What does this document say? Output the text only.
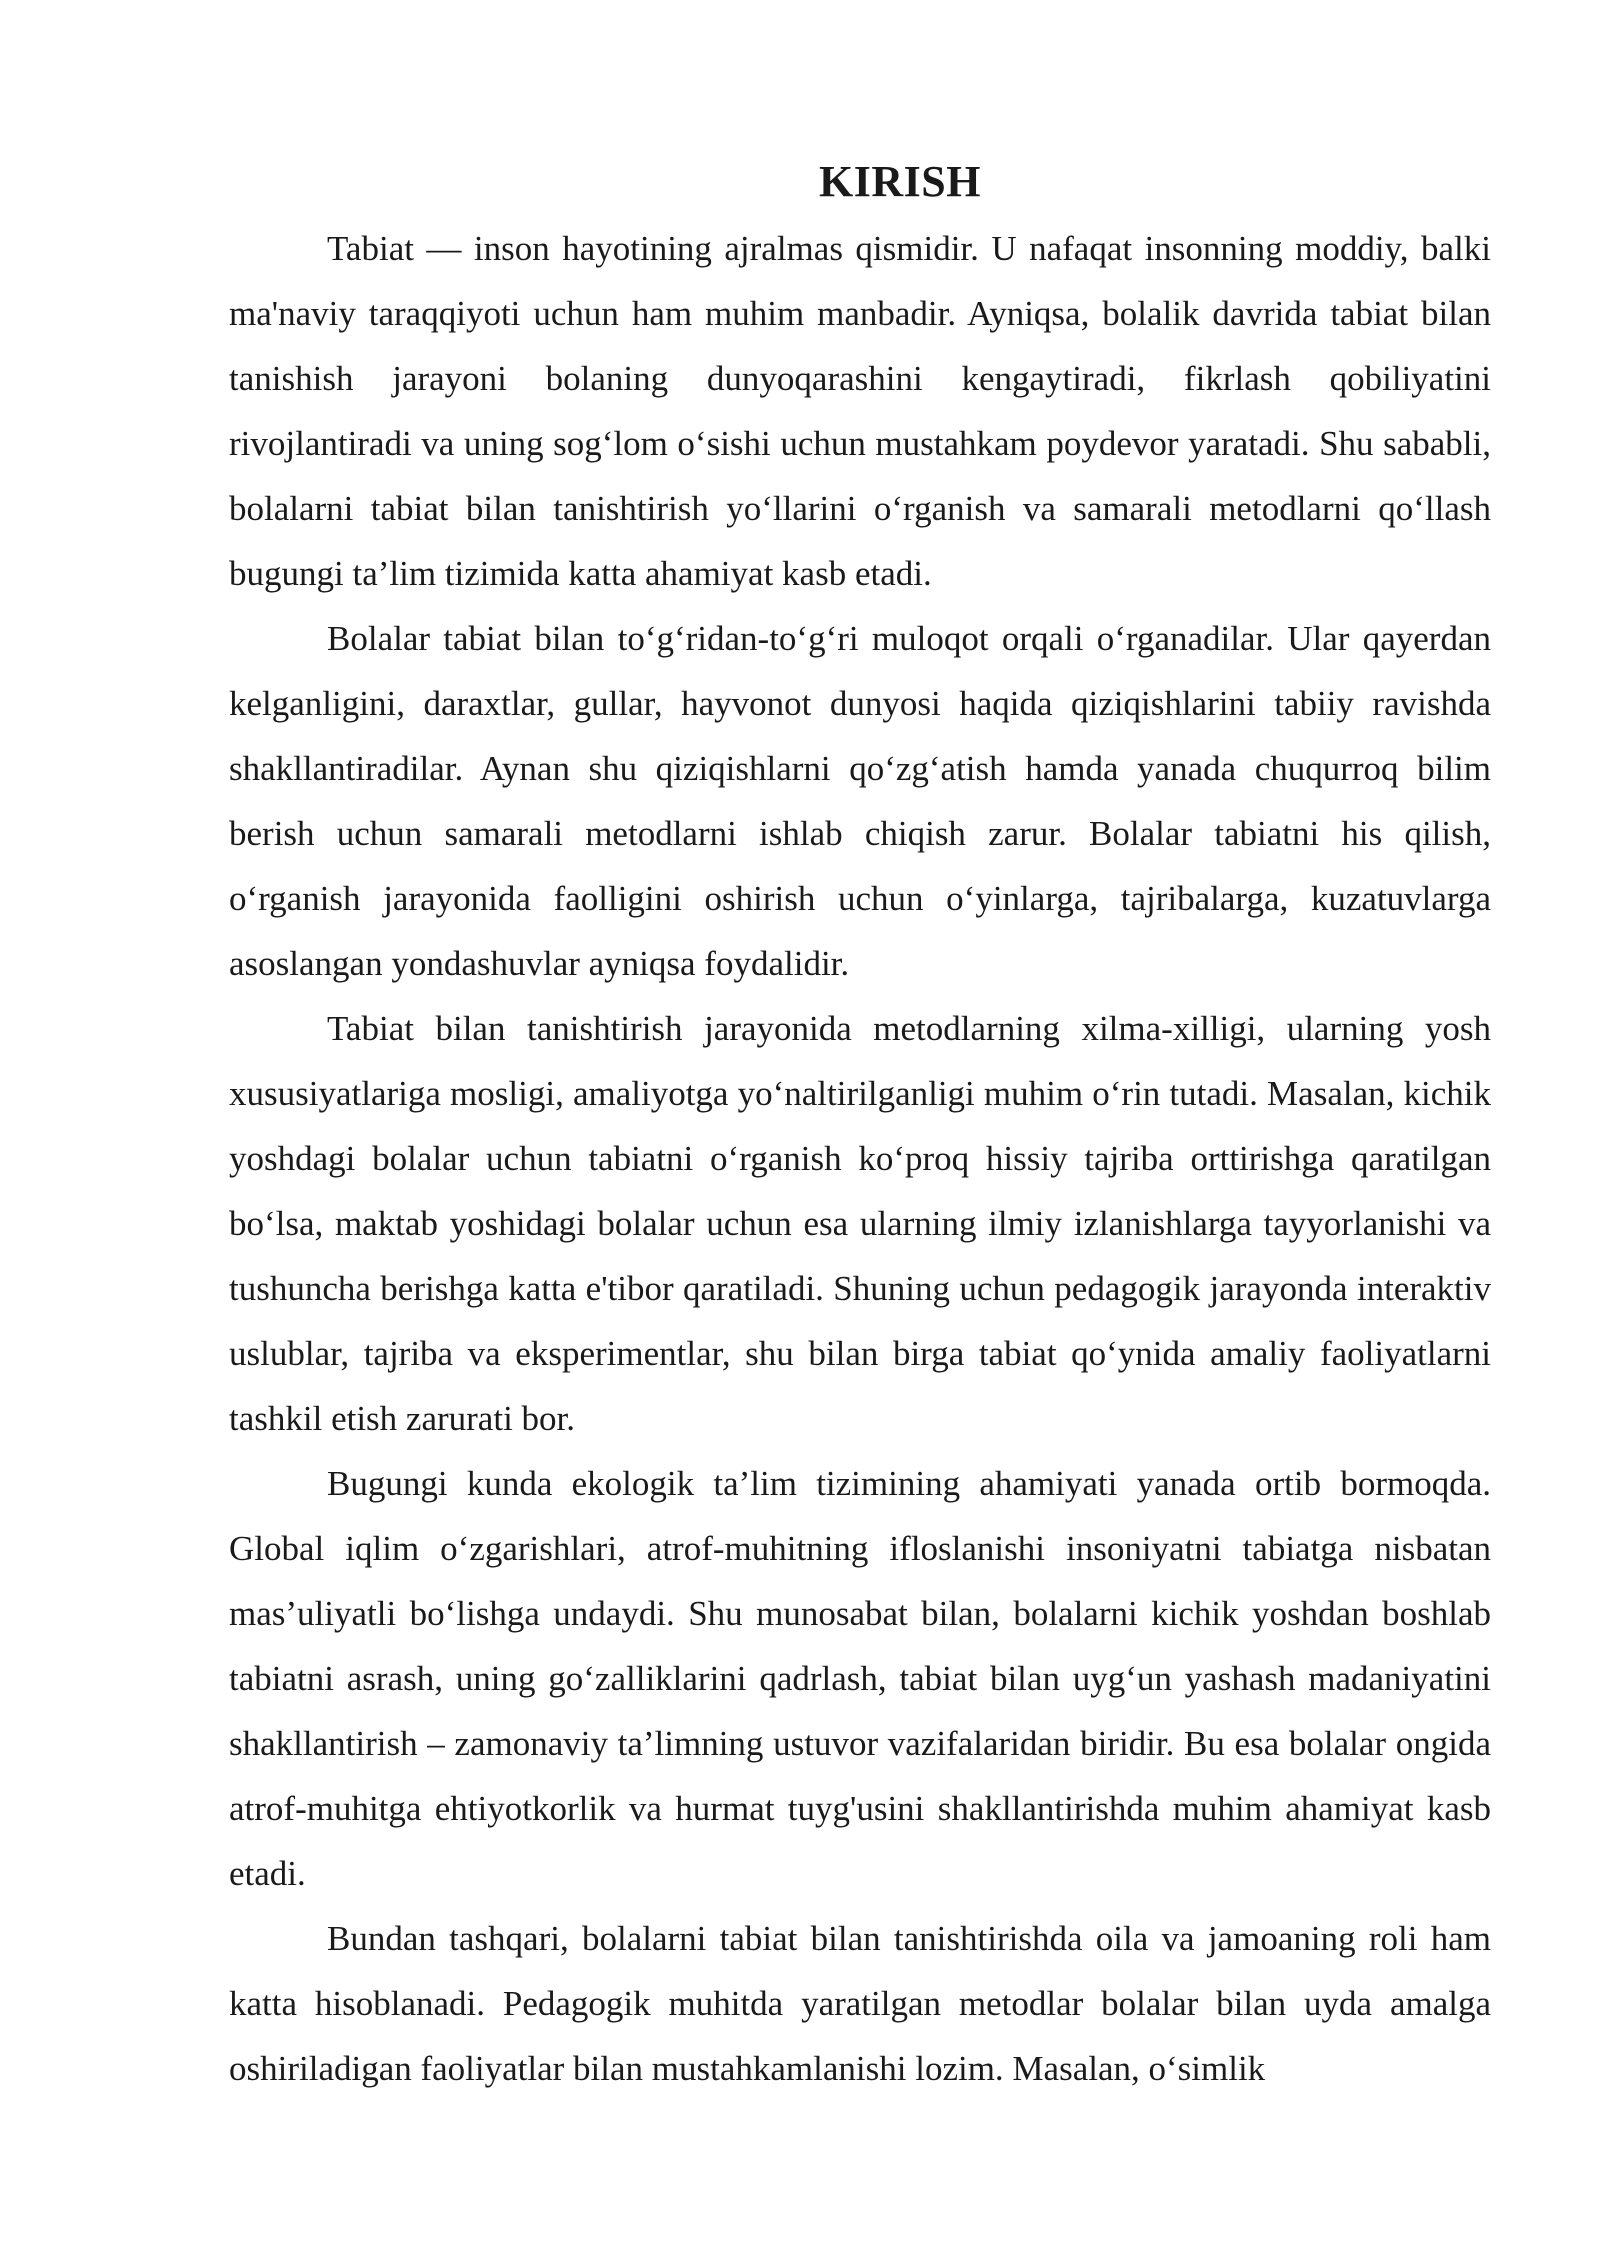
KIRISH

Tabiat — inson hayotining ajralmas qismidir. U nafaqat insonning moddiy, balki ma'naviy taraqqiyoti uchun ham muhim manbadir. Ayniqsa, bolalik davrida tabiat bilan tanishish jarayoni bolaning dunyoqarashini kengaytiradi, fikrlash qobiliyatini rivojlantiradi va uning sog‘lom o‘sishi uchun mustahkam poydevor yaratadi. Shu sababli, bolalarni tabiat bilan tanishtirish yo‘llarini o‘rganish va samarali metodlarni qo‘llash bugungi ta’lim tizimida katta ahamiyat kasb etadi.

Bolalar tabiat bilan to‘g‘ridan-to‘g‘ri muloqot orqali o‘rganadilar. Ular qayerdan kelganligini, daraxtlar, gullar, hayvonot dunyosi haqida qiziqishlarini tabiiy ravishda shakllantiradilar. Aynan shu qiziqishlarni qo‘zg‘atish hamda yanada chuqurroq bilim berish uchun samarali metodlarni ishlab chiqish zarur. Bolalar tabiatni his qilish, o‘rganish jarayonida faolligini oshirish uchun o‘yinlarga, tajribalarga, kuzatuvlarga asoslangan yondashuvlar ayniqsa foydalidir.

Tabiat bilan tanishtirish jarayonida metodlarning xilma-xilligi, ularning yosh xususiyatlariga mosligi, amaliyotga yo‘naltirilganligi muhim o‘rin tutadi. Masalan, kichik yoshdagi bolalar uchun tabiatni o‘rganish ko‘proq hissiy tajriba orttirishga qaratilgan bo‘lsa, maktab yoshidagi bolalar uchun esa ularning ilmiy izlanishlarga tayyorlanishi va tushuncha berishga katta e'tibor qaratiladi. Shuning uchun pedagogik jarayonda interaktiv uslublar, tajriba va eksperimentlar, shu bilan birga tabiat qo‘ynida amaliy faoliyatlarni tashkil etish zarurati bor.

Bugungi kunda ekologik ta’lim tizimining ahamiyati yanada ortib bormoqda. Global iqlim o‘zgarishlari, atrof-muhitning ifloslanishi insoniyatni tabiatga nisbatan mas’uliyatli bo‘lishga undaydi. Shu munosabat bilan, bolalarni kichik yoshdan boshlab tabiatni asrash, uning go‘zalliklarini qadrlash, tabiat bilan uyg‘un yashash madaniyatini shakllantirish – zamonaviy ta’limning ustuvor vazifalaridan biridir. Bu esa bolalar ongida atrof-muhitga ehtiyotkorlik va hurmat tuyg'usini shakllantirishda muhim ahamiyat kasb etadi.

Bundan tashqari, bolalarni tabiat bilan tanishtirishda oila va jamoaning roli ham katta hisoblanadi. Pedagogik muhitda yaratilgan metodlar bolalar bilan uyda amalga oshiriladigan faoliyatlar bilan mustahkamlanishi lozim. Masalan, o‘simlik
